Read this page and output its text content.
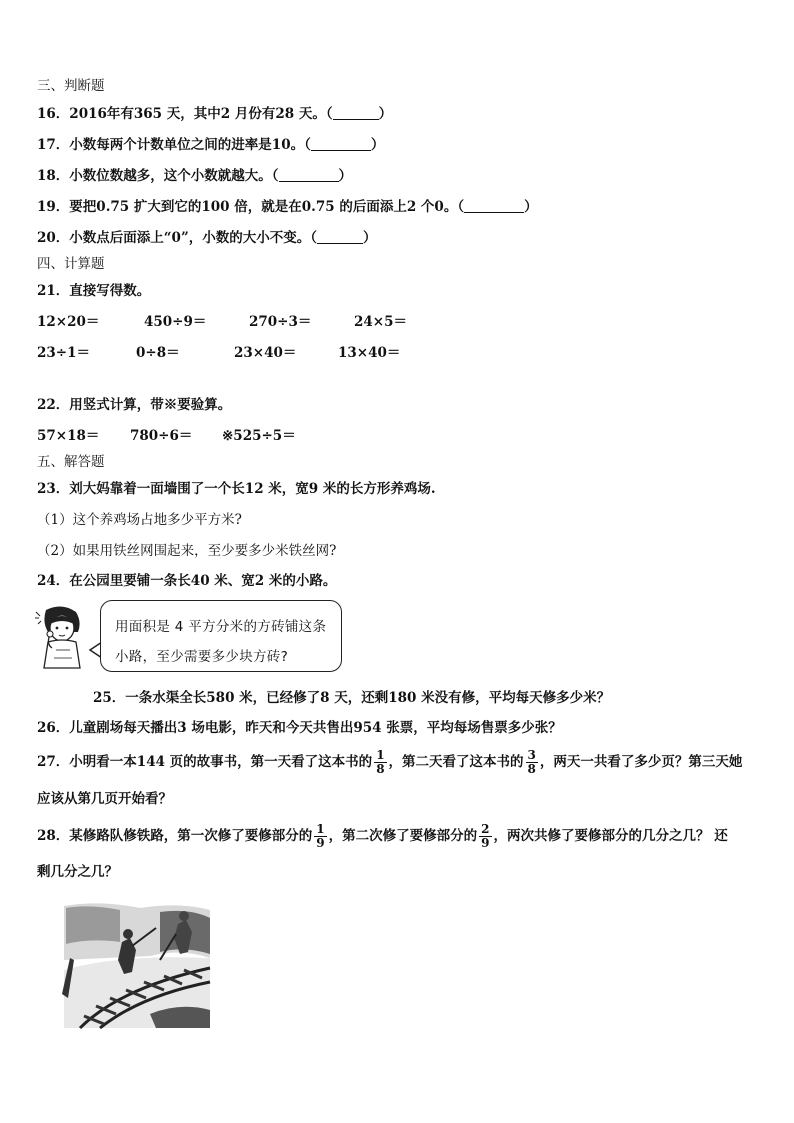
三、判断题
16．2016年有365 天，其中2 月份有28 天。（	）
17．小数每两个计数单位之间的进率是10。（	）
18．小数位数越多，这个小数就越大。（	）
19．要把0.75 扩大到它的100 倍，就是在0.75 的后面添上2 个0。（	）
20．小数点后面添上“0”，小数的大小不变。（	）
四、计算题
21．直接写得数。
12×20＝	450÷9＝	270÷3＝	24×5＝
23÷1＝	0÷8＝	23×40＝	13×40＝
22．用竖式计算，带※要验算。
57×18＝ 780÷6＝ ※525÷5＝
五、解答题
23．刘大妈靠着一面墙围了一个长12 米，宽9 米的长方形养鸡场.
（1）这个养鸡场占地多少平方米?
（2）如果用铁丝网围起来，至少要多少米铁丝网?
24．在公园里要铺一条长40 米、宽2 米的小路。
用面积是 4 平方分米的方砖铺这条
小路，至少需要多少块方砖?
25．一条水渠全长580 米，已经修了8 天，还剩180 米没有修，平均每天修多少米？
26．儿童剧场每天播出3 场电影，昨天和今天共售出954 张票，平均每场售票多少张？
27．小明看一本144 页的故事书，第一天看了这本书的 $\frac{1}{8}$ ，第二天看了这本书的 $\frac{3}{8}$ ，两天一共看了多少页？第三天她
应该从第几页开始看？
28．某修路队修铁路，第一次修了要修部分的 $\frac{1}{9}$ ，第二次修了要修部分的 $\frac{2}{9}$ ，两次共修了要修部分的几分之几？ 还
剩几分之几？
